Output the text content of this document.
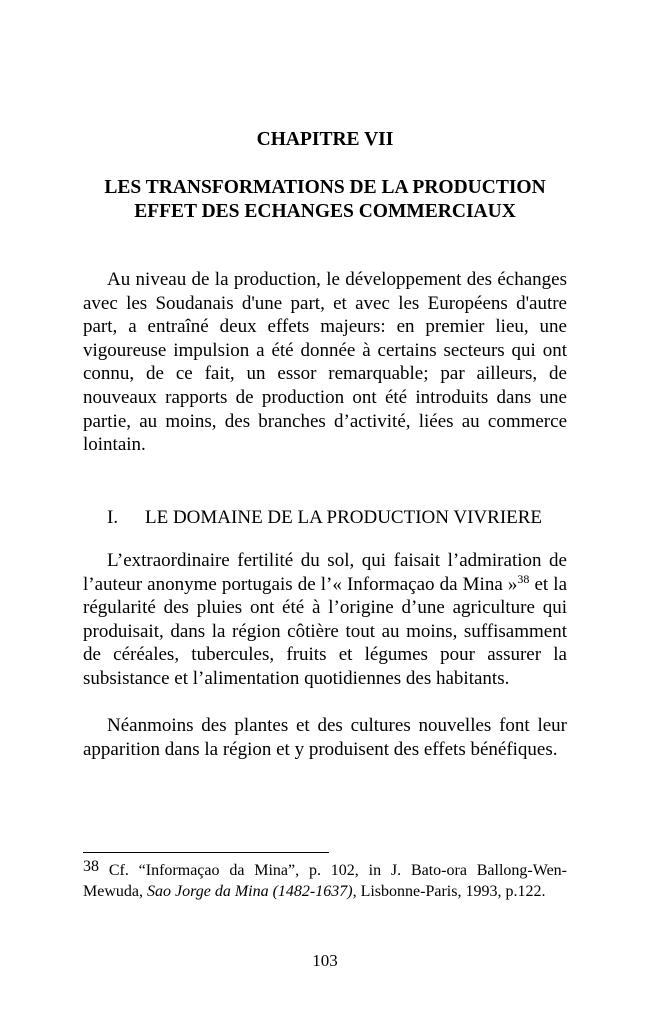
CHAPITRE VII
LES TRANSFORMATIONS DE LA PRODUCTION
EFFET DES ECHANGES COMMERCIAUX

Au niveau de la production, le développement des échanges avec les Soudanais d'une part, et avec les Européens d'autre part, a entraîné deux effets majeurs: en premier lieu, une vigoureuse impulsion a été donnée à certains secteurs qui ont connu, de ce fait, un essor remarquable; par ailleurs, de nouveaux rapports de production ont été introduits dans une partie, au moins, des branches d’activité, liées au commerce lointain.

I. LE DOMAINE DE LA PRODUCTION VIVRIERE

L’extraordinaire fertilité du sol, qui faisait l’admiration de l’auteur anonyme portugais de l’« Informaçao da Mina »$^{38}$ et la régularité des pluies ont été à l’origine d’une agriculture qui produisait, dans la région côtière tout au moins, suffisamment de céréales, tubercules, fruits et légumes pour assurer la subsistance et l’alimentation quotidiennes des habitants.

Néanmoins des plantes et des cultures nouvelles font leur apparition dans la région et y produisent des effets bénéfiques.

38 Cf. “Informaçao da Mina”, p. 102, in J. Bato-ora Ballong-Wen-Mewuda, Sao Jorge da Mina (1482-1637), Lisbonne-Paris, 1993, p.122.

103
